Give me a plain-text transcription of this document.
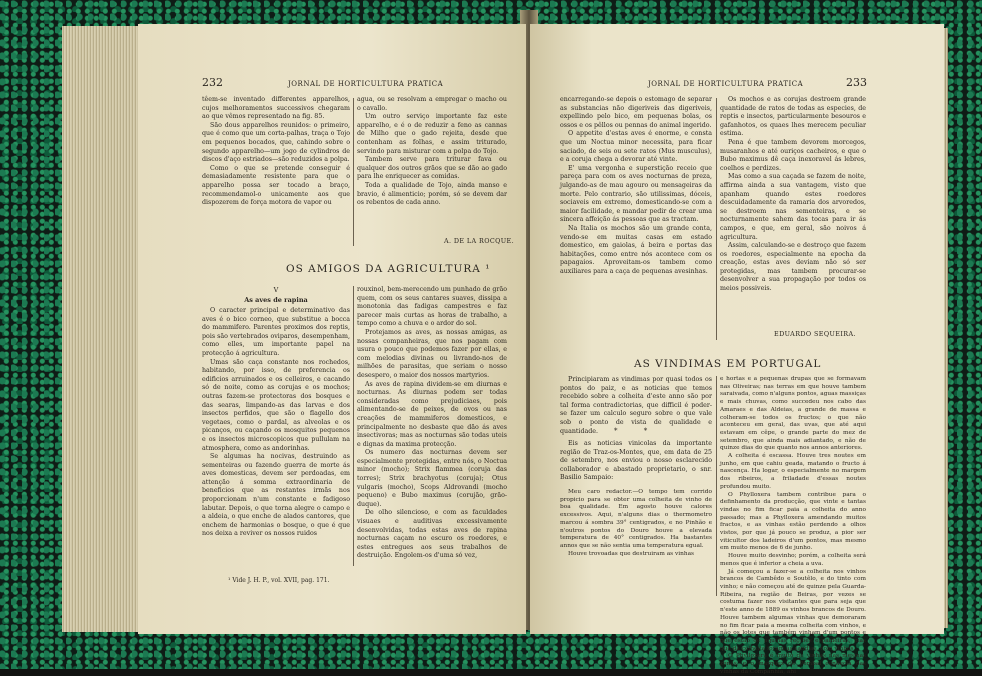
232	JORNAL DE HORTICULTURA PRATICA

têem-se inventado differentes apparelhos, cujos melhoramentos successivos chegaram ao que vêmos representado na fig. 85.

São dous apparelhos reunidos: o primeiro, que é como que um corta-palhas, traça o Tojo em pequenos bocados, que, cahindo sobre o segundo apparelho—um jogo de cylindros de discos d'aço estriados—são reduzidos a polpa.

Como o que se pretende conseguir é demasiadamente resistente para que o apparelho possa ser tocado a braço, recommendamol-o unicamente aos que dispozerem de força motora de vapor ou

agua, ou se resolvam a empregar o macho ou o cavallo.

Um outro serviço importante faz este apparelho, e é o de reduzir a feno as cannas de Milho que o gado rejeita, desde que contenham as folhas, e assim triturado, servindo para misturar com a polpa do Tojo.

Tambem serve para triturar fava ou qualquer dos outros grãos que se dão ao gado para lhe enriquecer as comidas.

Toda a qualidade de Tojo, ainda manso e bravio, é alimenticio; porém, só se devem dar os rebentos de cada anno.

A. DE LA ROCQUE.
OS AMIGOS DA AGRICULTURA ¹
V
As aves de rapina

O caracter principal e determinativo das aves é o bico corneo, que substitue a bocca do mammifero. Parentes proximos dos reptis, pois são vertebrados oviparos, desempenham, como elles, um importante papel na protecção á agricultura.

Umas são caça constante nos rochedos, habitando, por isso, de preferencia os edificios arruinados e os celleiros, e cacando só de noite, como as corujas e os mochos; outras fazem-se protectoras dos bosques e das searas, limpando-as das larvas e dos insectos perfidos, que são o flagello dos vegetaes, como o pardal, as alveolas e os picanços, ou caçando os mosquitos pequenos e os insectos microscopicos que pullulam na atmosphera, como as andorinhas.

Se algumas ha nocivas, destruindo as sementeiras ou fazendo guerra de morte ás aves domesticas, devem ser perdoadas, em attenção á somma extraordinaria de beneficios que as restantes irmãs nos proporcionam n'um constante e fadigoso labutar. Depois, o que torna alegre o campo e a aldeia, o que enche de alados cantores, que enchem de harmonias o bosque, o que é que nos deixa a reviver os nossos ruidos

rouxinol, bem-merecendo um punhado de grão quem, com os seus cantares suaves, dissipa a monotonia das fadigas campestres e faz parecer mais curtas as horas de trabalho, a tempo como a chuva e o ardor do sol.

Protejamos as aves, as nossas amigas, as nossas companheiras, que nos pagam com usura o pouco que podemos fazer por ellas, e com melodias divinas ou livrando-nos de milhões de parasitas, que seriam o nosso desespero, o maior dos nossos martyrios.

As aves de rapina dividem-se em diurnas e nocturnas. As diurnas podem ser todas consideradas como prejudiciaes, pois alimentando-se de peixes, de ovos ou nas creações de mammiferos domesticos, e principalmente no desbaste que dão ás aves insectivoras; mas as nocturnas são todas uteis e dignas da maxima protecção.

Os numero das nocturnas devem ser especialmente protegidas, entre nós, o Noctua minor (mocho); Strix flammea (coruja das torres); Strix brachyotus (coruja); Otus vulgaris (mocho), Scops Aldrovandi (mocho pequeno) e Bubo maximus (corujão, grão-duque).

De olho silencioso, e com as faculdades visuaes e auditivas excessivamente desenvolvidas, todas estas aves de rapina nocturnas caçam no escuro os roedores, e estes entregues aos seus trabalhos de destruição. Engolem-os d'uma só vez,

¹ Vide J. H. P., vol. XVII, pag. 171.
JORNAL DE HORTICULTURA PRATICA	233

encarregando-se depois o estomago de separar as substancias não digeriveis das digeriveis, expellindo pelo bico, em pequenas bolas, os ossos e os pêllos ou pennas do animal ingerido.

O appetite d'estas aves é enorme, e consta que um Noctua minor necessita, para ficar saciado, de seis ou sete ratos (Mus musculus), e a coruja chega a devorar até vinte.

E' uma vergonha e superstição receio que pareça para com os aves nocturnas de preza, julgando-as de mau agouro ou mensageiras da morte. Pelo contrario, são utilissimas, dóceis, sociaveis em extremo, domesticando-se com a maior facilidade, e mandar pedir de crear uma sincera affeição ás pessoas que as tractam.

Na Italia os mochos são um grande conta, vendo-se em muitas casas em estado domestico, em gaiolas, á beira e portas das habitações, como entre nós acontece com os papagaios. Aproveitam-os tambem como auxiliares para a caça de pequenas avesinhas.

Os mochos e as corujas destroem grande quantidade de ratos de todas as especies, de reptis e insectos, particularmente besouros e gafanhotos, os quaes lhes merecem peculiar estima.

Pena é que tambem devorem morcegos, musaranhos e até ouriços cacheiros, e que o Bubo maximus dê caça inexoravel ás lebres, coelhos e perdizes.

Mas como a sua caçada se fazem de noite, affirma ainda a sua vantagem, visto que apanham quando estes roedores descuidadamente da ramaria dos arvoredos, se destroem nas sementeiras, e se nocturnamente sahem das tocas para ir ás campos, e que, em geral, são noivos á agricultura.

Assim, calculando-se e destroço que fazem os roedores, especialmente na epocha da creação, estas aves deviam não só ser protegidas, mas tambem procurar-se desenvolver a sua propagação por todos os meios possiveis.

EDUARDO SEQUEIRA.
AS VINDIMAS EM PORTUGAL

Principiaram as vindimas por quasi todos os pontos do paiz, e as noticias que temos recebido sobre a colheita d'este anno são por tal forma contradictorias, que difficil é poder-se fazer um calculo seguro sobre o que vale sob o ponto de vista de qualidade e quantidade.	* *

Eis as noticias vinicolas da importante região de Traz-os-Montes, que, em data de 25 de setembro, nos enviou o nosso esclarecido collaborador e abastado proprietario, o snr. Basilio Sampaio:

Meu caro redactor.—O tempo tem corrido propicio para se obter uma colheita de vinho de boa qualidade. Em agosto houve calores excessivos. Aqui, n'alguns dias o thermometro marcou á sombra 39° centigrados, e no Pinhão e n'outros pontos do Douro houve a elevada temperatura de 40° centigrados. Ha bastantes annos que se não sentia uma temperatura egual.

Houve trovoadas que destruiram as vinhas

e hortas e a pequenas drupas que se formavam nas Oliveiras; nas terras em que houve tambem saraivada, como n'alguns pontos, aguas massiças e mais chuvas, como succedeu nos cabo das Amaraes e das Aldeias, a grande de massa e colheram-se todos os fructos; o que não aconteceu em geral, das uvas, que até aqui estavam em cêpe, o grande parte do mez de setembro, que ainda mais adiantado, e não de quinze dias do que quanto nos annos anteriores.

A colheita é escassa. Houve tres noutes em junho, em que cahiu geada, matando o fructo á nascença. Ha logar, o especialmente no margem dos ribeiros, a friladade d'essas noutes profundou muito.

O Phylloxera tambem contribue para o definhamento da producção, que vinte e tantas vindas no fim ficar paia a colheita do anno passado; mas a Phylloxera amendando muitos fractos, e as vinhas estão perdendo a olhos vistos, por que já pouco se produz, a pior ser viticultor dos ladeiros d'um pontos, mas mesmo em muito menos de 6 de junho.

Houve muito desvinho; porém, a colheita será menos que é inferior a cheia a uva.

Já começou a fazer-se a colheita nos vinhos brancos de Cambêdo e Soutêlo, e do tinto com vinho; e não começou até de quinze pela Guarda-Ribeira, na região de Beiras, por vezes se costuma fazer nos visitantes que para seja que n'este anno de 1889 os vinhos brancos de Douro. Houve tambem algumas vinhas que demoraram no fim ficar paia a mesma colheita com vinhos, e não os lotes que também vinham d'um pontos e que estão de aquelas regiões espaldeiras, mas que da colheita foram as sandias, com vinhos.

O Phylloxera é muito de vinhas nas mesmas zonas, e o marquez de Pombal conhecia das vinhas da Companhia, ahi
